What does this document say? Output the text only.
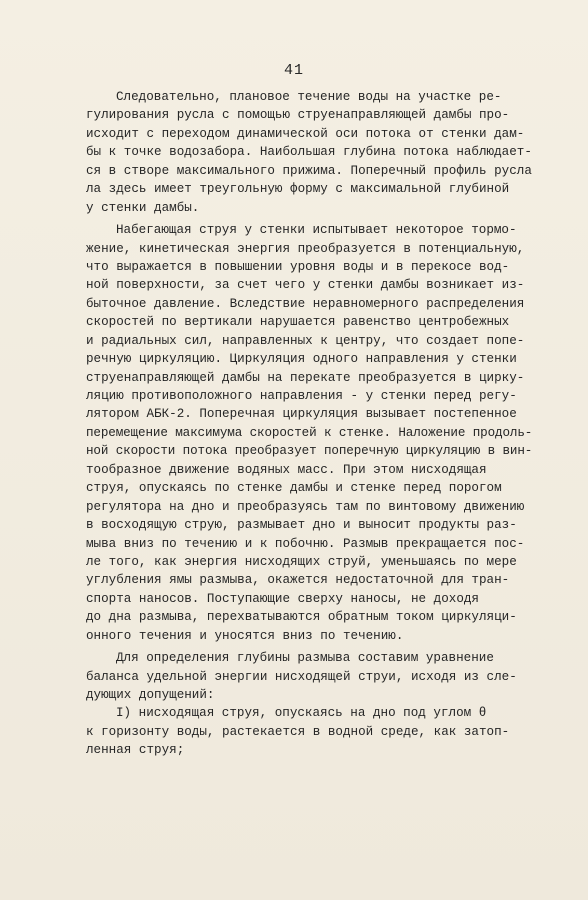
41
Следовательно, плановое течение воды на участке ре-
гулирования русла с помощью струенаправляющей дамбы про-
исходит с переходом динамической оси потока от стенки дам-
бы к точке водозабора. Наибольшая глубина потока наблюдает-
ся в створе максимального прижима. Поперечный профиль русла
ла здесь имеет треугольную форму с максимальной глубиной
у стенки дамбы.
Набегающая струя у стенки испытывает некоторое тормо-
жение, кинетическая энергия преобразуется в потенциальную,
что выражается в повышении уровня воды и в перекосе вод-
ной поверхности, за счет чего у стенки дамбы возникает из-
быточное давление. Вследствие неравномерного распределения
скоростей по вертикали нарушается равенство центробежных
и радиальных сил, направленных к центру, что создает попе-
речную циркуляцию. Циркуляция одного направления у стенки
струенаправляющей дамбы на перекате преобразуется в цирку-
ляцию противоположного направления - у стенки перед регу-
лятором АБК-2. Поперечная циркуляция вызывает постепенное
перемещение максимума скоростей к стенке. Наложение продоль-
ной скорости потока преобразует поперечную циркуляцию в вин-
тообразное движение водяных масс. При этом нисходящая
струя, опускаясь по стенке дамбы и стенке перед порогом
регулятора на дно и преобразуясь там по винтовому движению
в восходящую струю, размывает дно и выносит продукты раз-
мыва вниз по течению и к побочню. Размыв прекращается пос-
ле того, как энергия нисходящих струй, уменьшаясь по мере
углубления ямы размыва, окажется недостаточной для тран-
спорта наносов. Поступающие сверху наносы, не доходя
до дна размыва, перехватываются обратным током циркуляци-
онного течения и уносятся вниз по течению.
Для определения глубины размыва составим уравнение
баланса удельной энергии нисходящей струи, исходя из сле-
дующих допущений:
I) нисходящая струя, опускаясь на дно под углом θ
к горизонту воды, растекается в водной среде, как затоп-
ленная струя;
